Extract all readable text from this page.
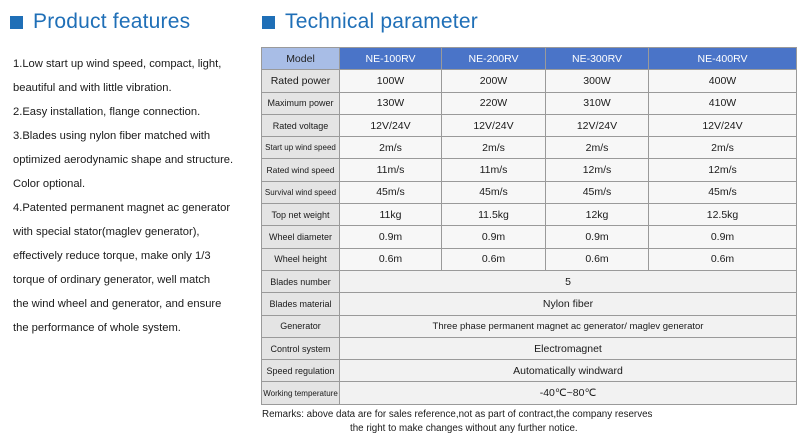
Product features	Technical parameter
1.Low start up wind speed, compact, light,
beautiful and with little vibration.
2.Easy installation, flange connection.
3.Blades using nylon fiber matched with
optimized aerodynamic shape and structure.
Color optional.
4.Patented permanent magnet ac generator
with special stator(maglev generator),
effectively reduce torque, make only 1/3
torque of ordinary generator, well match
the wind wheel and generator, and ensure
the performance of whole system.
Model	NE-100RV	NE-200RV	NE-300RV	NE-400RV
Rated power	100W	200W	300W	400W
Maximum power	130W	220W	310W	410W
Rated voltage	12V/24V	12V/24V	12V/24V	12V/24V
Start up wind speed	2m/s	2m/s	2m/s	2m/s
Rated wind speed	11m/s	11m/s	12m/s	12m/s
Survival wind speed	45m/s	45m/s	45m/s	45m/s
Top net weight	11kg	11.5kg	12kg	12.5kg
Wheel diameter	0.9m	0.9m	0.9m	0.9m
Wheel height	0.6m	0.6m	0.6m	0.6m
Blades number	5			
Blades material	Nylon fiber			
Generator	Three phase permanent magnet ac generator/ maglev generator			
Control system	Electromagnet			
Speed regulation	Automatically windward			
Working temperature	-40℃~80℃			
Remarks: above data are for sales reference,not as part of contract,the company reserves
the right to make changes without any further notice.
